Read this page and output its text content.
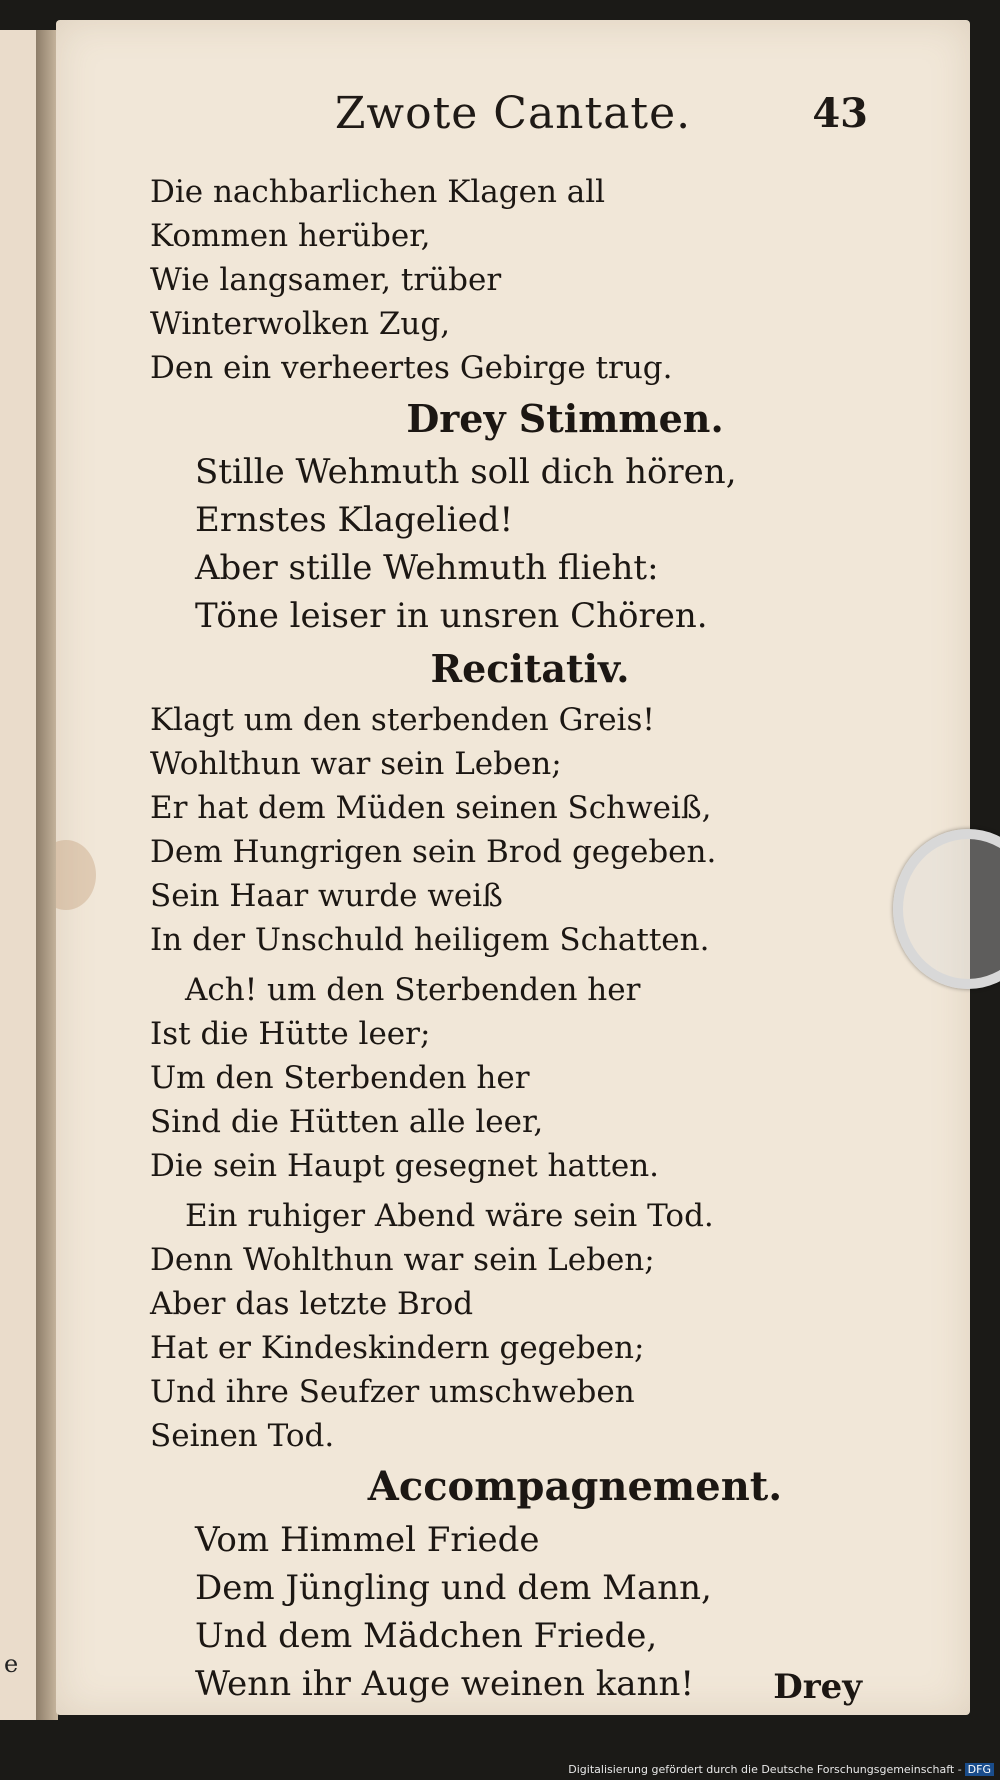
e
Zwote Cantate.	43
Die nachbarlichen Klagen all
Kommen herüber,
Wie langsamer, trüber
Winterwolken Zug,
Den ein verheertes Gebirge trug.
Drey Stimmen.
Stille Wehmuth soll dich hören,
Ernstes Klagelied!
Aber stille Wehmuth flieht:
Töne leiser in unsren Chören.
Recitativ.
Klagt um den sterbenden Greis!
Wohlthun war sein Leben;
Er hat dem Müden seinen Schweiß,
Dem Hungrigen sein Brod gegeben.
Sein Haar wurde weiß
In der Unschuld heiligem Schatten.
Ach! um den Sterbenden her
Ist die Hütte leer;
Um den Sterbenden her
Sind die Hütten alle leer,
Die sein Haupt gesegnet hatten.
Ein ruhiger Abend wäre sein Tod.
Denn Wohlthun war sein Leben;
Aber das letzte Brod
Hat er Kindeskindern gegeben;
Und ihre Seufzer umschweben
Seinen Tod.
Accompagnement.
Vom Himmel Friede
Dem Jüngling und dem Mann,
Und dem Mädchen Friede,
Wenn ihr Auge weinen kann!	Drey
Digitalisierung gefördert durch die Deutsche Forschungsgemeinschaft - DFG
